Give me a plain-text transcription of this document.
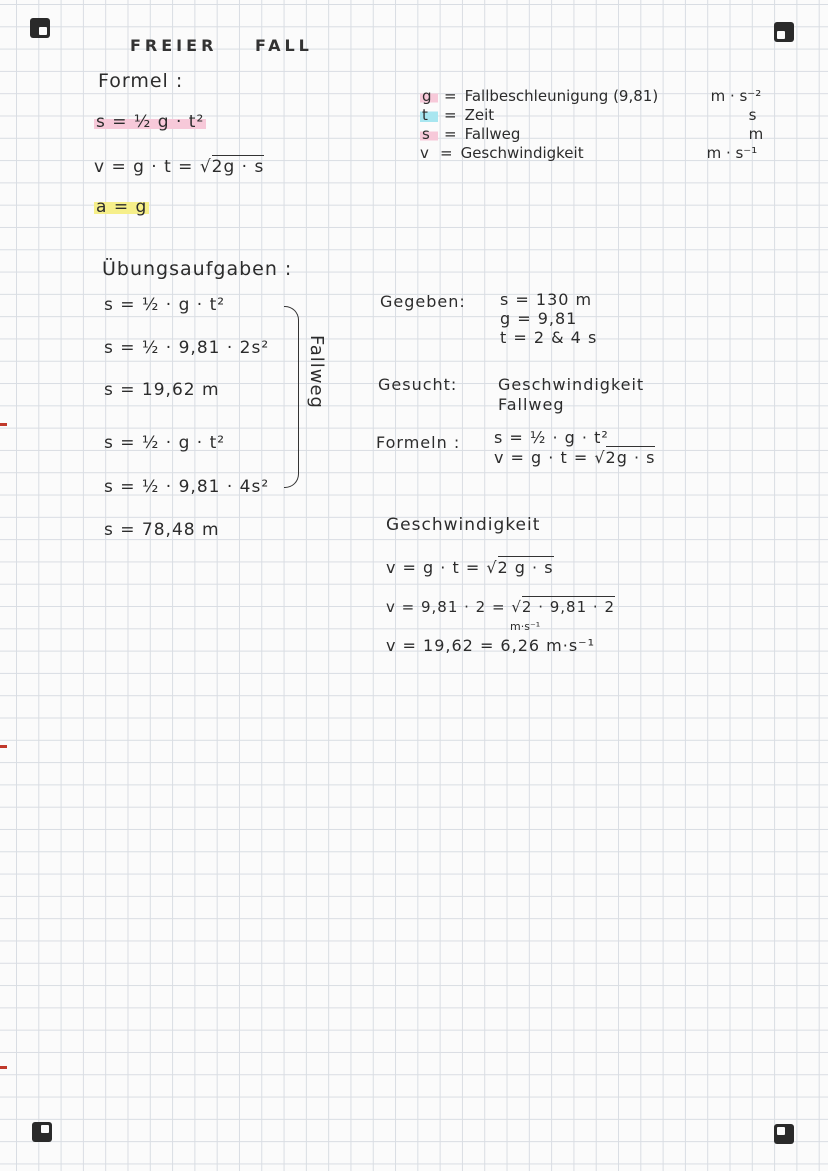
FREIER FALL
Formel :
s = ½ g · t²
v = g · t = √2g · s
a = g
g = Fallbeschleunigung (9,81)	m · s⁻²
t	= Zeit	s
s = Fallweg	m
v = Geschwindigkeit	m · s⁻¹
Übungsaufgaben :
s = ½ · g · t²
s = ½ · 9,81 · 2s²
s = 19,62 m
s = ½ · g · t²
s = ½ · 9,81 · 4s²
s = 78,48 m
Fallweg
Gegeben: s = 130 m
g = 9,81
t = 2 & 4 s
Gesucht:	Geschwindigkeit
Fallweg
Formeln : s = ½ · g · t²
v = g · t = √2g · s
Geschwindigkeit
v = g · t = √2 g · s
v = 9,81 · 2 = √2 · 9,81 · 2
m·s⁻¹
v = 19,62 = 6,26 m·s⁻¹
